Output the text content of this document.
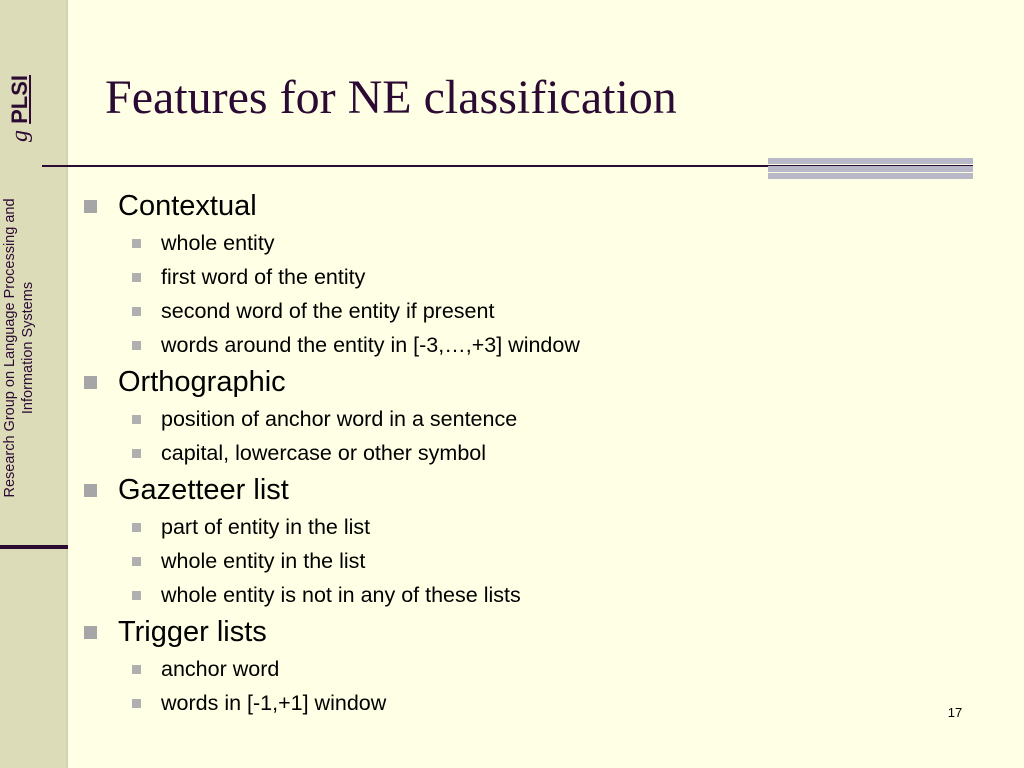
g PLSI
Research Group on Language Processing and Information Systems
Features for NE classification
Contextual
whole entity
first word of the entity
second word of the entity if present
words around the entity in [-3,…,+3] window
Orthographic
position of anchor word in a sentence
capital, lowercase or other symbol
Gazetteer list
part of entity in the list
whole entity in the list
whole entity is not in any of these lists
Trigger lists
anchor word
words in [-1,+1] window	17
